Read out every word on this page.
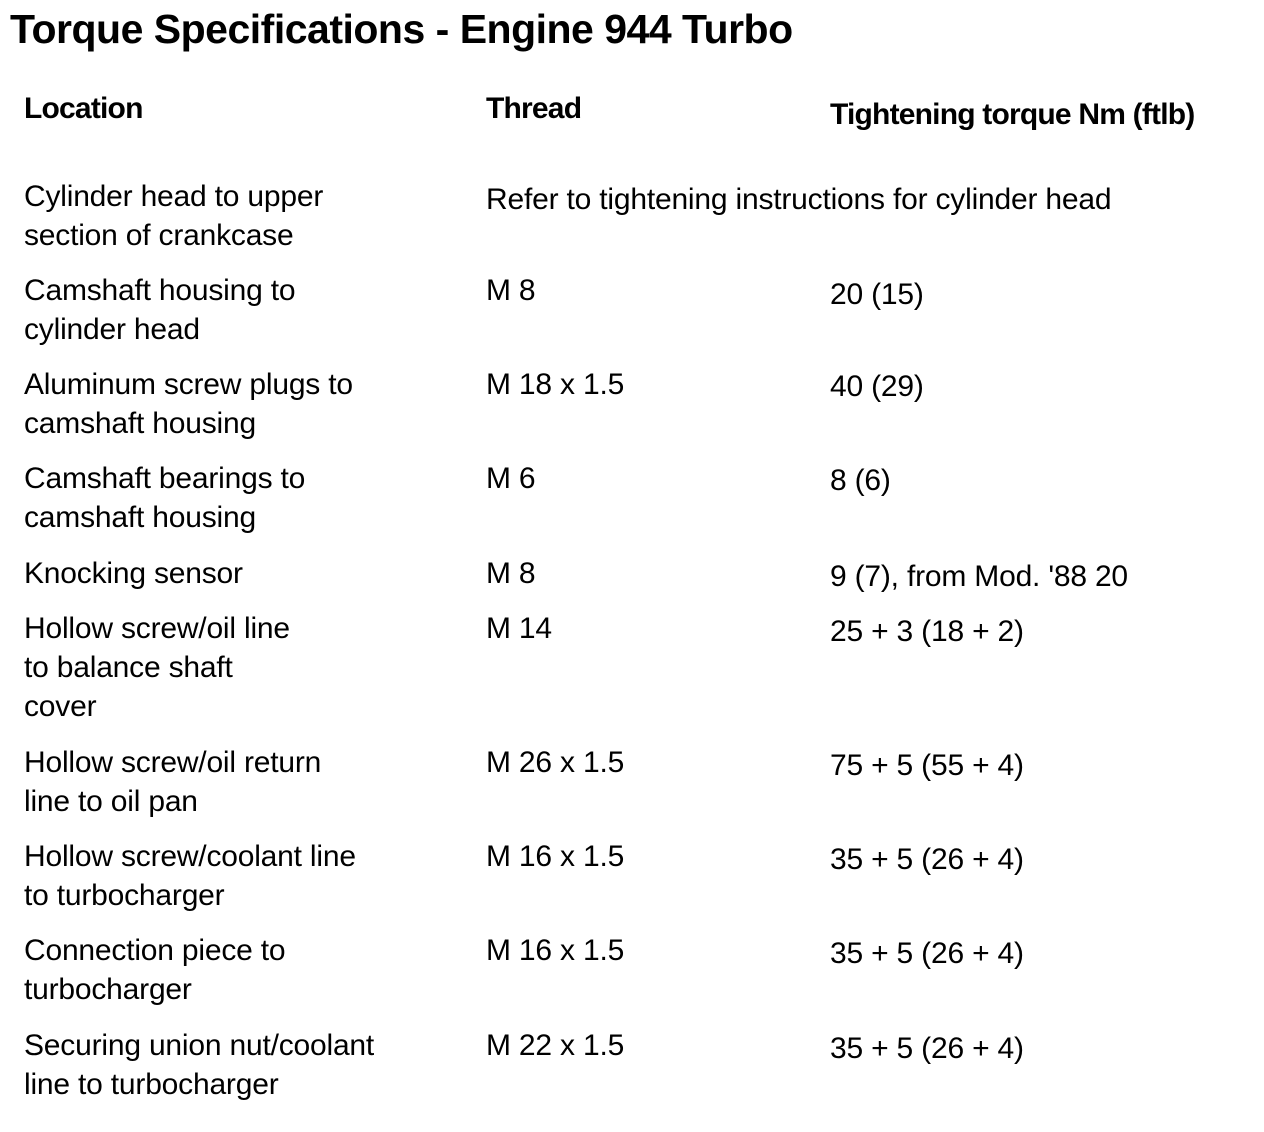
Torque Specifications - Engine 944 Turbo
Location	Thread	Tightening torque Nm (ftlb)
Cylinder head to upper
section of crankcase
Refer to tightening instructions for cylinder head
Camshaft housing to
cylinder head
M 8	20 (15)
Aluminum screw plugs to
camshaft housing
M 18 x 1.5	40 (29)
Camshaft bearings to
camshaft housing
M 6	8 (6)
Knocking sensor	M 8	9 (7), from Mod. '88 20
Hollow screw/oil line
to balance shaft
cover
M 14	25 + 3 (18 + 2)
Hollow screw/oil return
line to oil pan
M 26 x 1.5	75 + 5 (55 + 4)
Hollow screw/coolant line
to turbocharger
M 16 x 1.5	35 + 5 (26 + 4)
Connection piece to
turbocharger
M 16 x 1.5	35 + 5 (26 + 4)
Securing union nut/coolant
line to turbocharger
M 22 x 1.5	35 + 5 (26 + 4)
